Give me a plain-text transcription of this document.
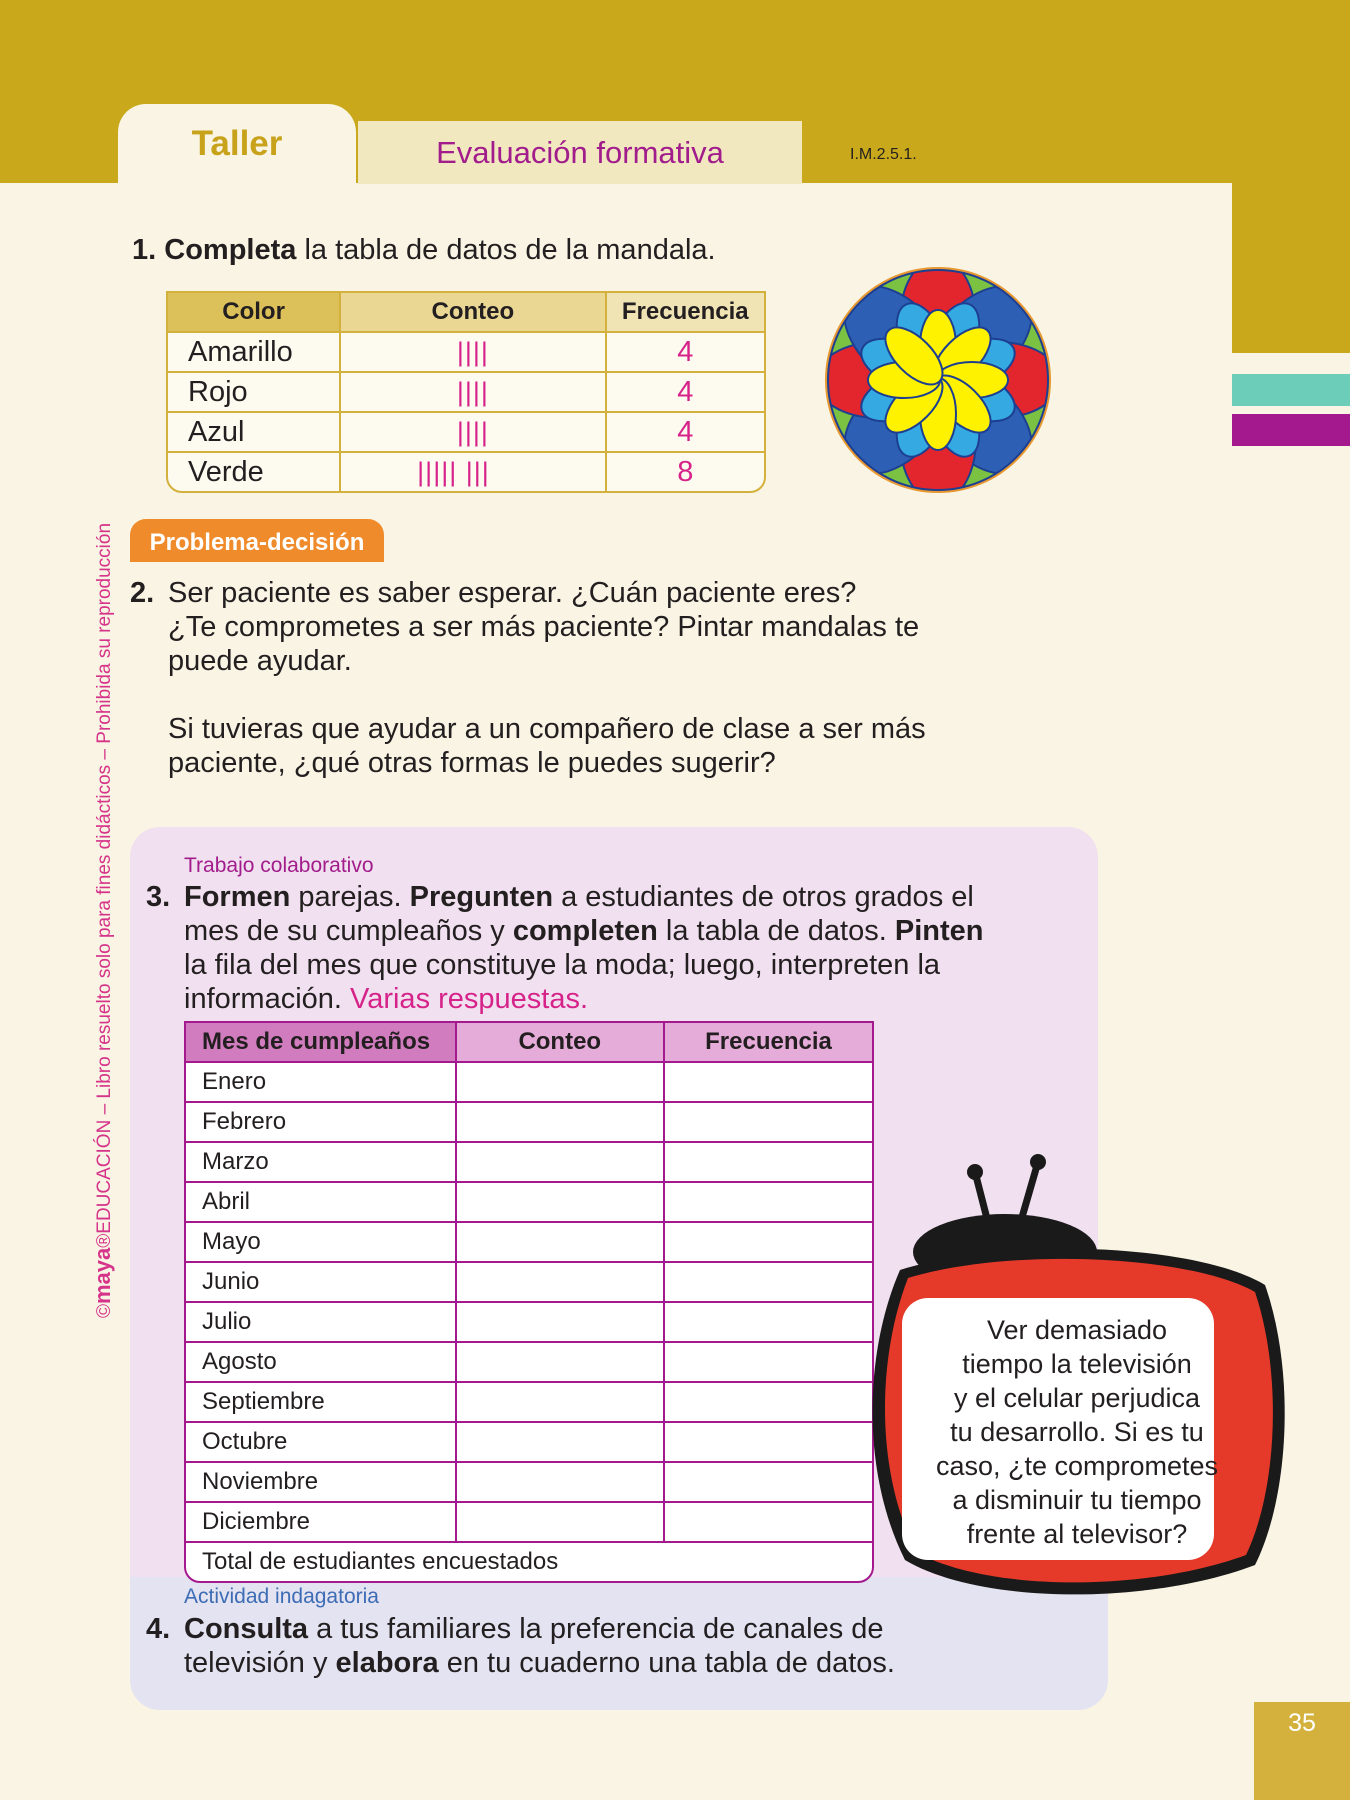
Taller	Evaluación formativa	I.M.2.5.1.
©maya®EDUCACIÓN – Libro resuelto solo para fines didácticos – Prohibida su reproducción
1. Completa la tabla de datos de la mandala.
Color	Conteo	Frecuencia
Amarillo	||||	4
Rojo	||||	4
Azul	||||	4
Verde	||||| |||	8
Problema-decisión
2. Ser paciente es saber esperar. ¿Cuán paciente eres?
¿Te comprometes a ser más paciente? Pintar mandalas te
puede ayudar.
Si tuvieras que ayudar a un compañero de clase a ser más
paciente, ¿qué otras formas le puedes sugerir?
Trabajo colaborativo
3. Formen parejas. Pregunten a estudiantes de otros grados el
mes de su cumpleaños y completen la tabla de datos. Pinten
la fila del mes que constituye la moda; luego, interpreten la
información. Varias respuestas.
Mes de cumpleaños	Conteo	Frecuencia
Enero		
Febrero		
Marzo		
Abril		
Mayo		
Junio		
Julio		
Agosto		
Septiembre		
Octubre		
Noviembre		
Diciembre		
Total de estudiantes encuestados		
Ver demasiado
tiempo la televisión
y el celular perjudica
tu desarrollo. Si es tu
caso, ¿te comprometes
a disminuir tu tiempo
frente al televisor?
Actividad indagatoria
4. Consulta a tus familiares la preferencia de canales de
televisión y elabora en tu cuaderno una tabla de datos.
35
